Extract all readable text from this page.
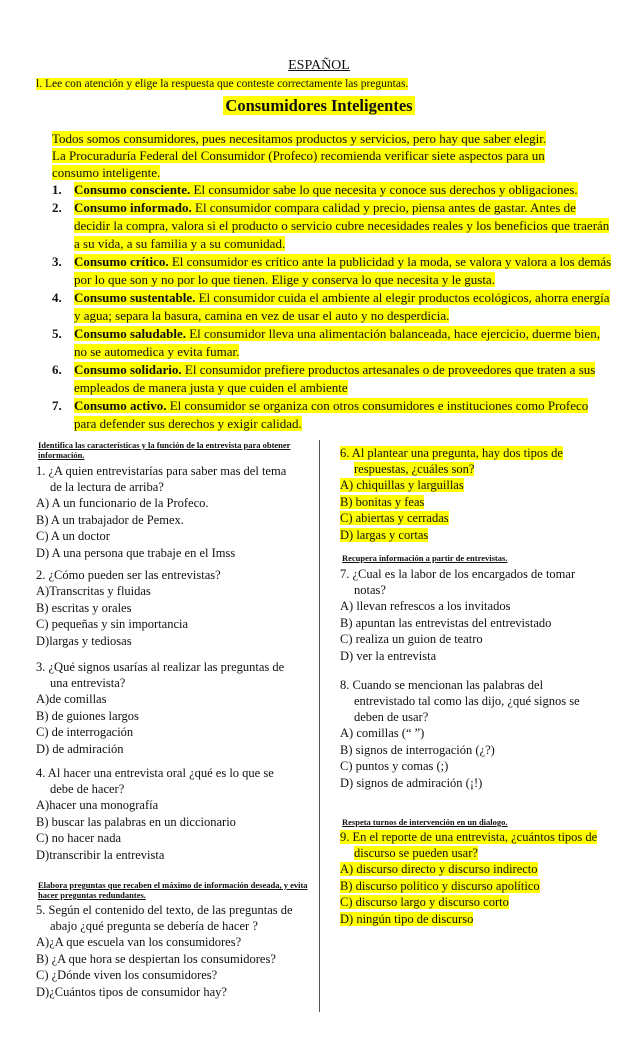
ESPAÑOL
l. Lee con atención y elige la respuesta que conteste correctamente las preguntas.
Consumidores Inteligentes
Todos somos consumidores, pues necesitamos productos y servicios, pero hay que saber elegir.
La Procuraduría Federal del Consumidor (Profeco) recomienda verificar siete aspectos para un
consumo inteligente.
1. Consumo consciente. El consumidor sabe lo que necesita y conoce sus derechos y obligaciones.
2. Consumo informado. El consumidor compara calidad y precio, piensa antes de gastar. Antes de decidir la compra, valora si el producto o servicio cubre necesidades reales y los beneficios que traerán a su vida, a su familia y a su comunidad.
3. Consumo crítico. El consumidor es crítico ante la publicidad y la moda, se valora y valora a los demás por lo que son y no por lo que tienen. Elige y conserva lo que necesita y le gusta.
4. Consumo sustentable. El consumidor cuida el ambiente al elegir productos ecológicos, ahorra energía y agua; separa la basura, camina en vez de usar el auto y no desperdicia.
5. Consumo saludable. El consumidor lleva una alimentación balanceada, hace ejercicio, duerme bien, no se automedica y evita fumar.
6. Consumo solidario. El consumidor prefiere productos artesanales o de proveedores que traten a sus empleados de manera justa y que cuiden el ambiente
7. Consumo activo. El consumidor se organiza con otros consumidores e instituciones como Profeco para defender sus derechos y exigir calidad.
Identifica las características y la función de la entrevista para obtener información.
1. ¿A quien entrevistarías para saber mas del tema de la lectura de arriba?
A) A un funcionario de la Profeco.
B) A un trabajador de Pemex.
C) A un doctor
D) A una persona que trabaje en el Imss
2. ¿Cómo pueden ser las entrevistas?
A)Transcritas y fluidas
B) escritas y orales
C) pequeñas y sin importancia
D)largas y tediosas
3. ¿Qué signos usarías al realizar las preguntas de una entrevista?
A)de comillas
B) de guiones largos
C) de interrogación
D) de admiración
4. Al hacer una entrevista oral ¿qué es lo que se debe de hacer?
A)hacer una monografía
B) buscar las palabras en un diccionario
C) no hacer nada
D)transcribir la entrevista
Elabora preguntas que recaben el máximo de información deseada, y evita hacer preguntas redundantes.
5. Según el contenido del texto, de las preguntas de abajo ¿qué pregunta se debería de hacer ?
A)¿A que escuela van los consumidores?
B) ¿A que hora se despiertan los consumidores?
C) ¿Dónde viven los consumidores?
D)¿Cuántos tipos de consumidor hay?
6. Al plantear una pregunta, hay dos tipos de respuestas, ¿cuáles son?
A) chiquillas y larguillas
B) bonitas y feas
C) abiertas y cerradas
D) largas y cortas
Recupera información a partir de entrevistas.
7. ¿Cual es la labor de los encargados de tomar notas?
A) llevan refrescos a los invitados
B) apuntan las entrevistas del entrevistado
C) realiza un guion de teatro
D) ver la entrevista
8. Cuando se mencionan las palabras del entrevistado tal como las dijo, ¿qué signos se deben de usar?
A) comillas (“ ”)
B) signos de interrogación (¿?)
C) puntos y comas (;)
D) signos de admiración (¡!)
Respeta turnos de intervención en un dialogo.
9. En el reporte de una entrevista, ¿cuántos tipos de discurso se pueden usar?
A) discurso directo y discurso indirecto
B) discurso político y discurso apolítico
C) discurso largo y discurso corto
D) ningún tipo de discurso
